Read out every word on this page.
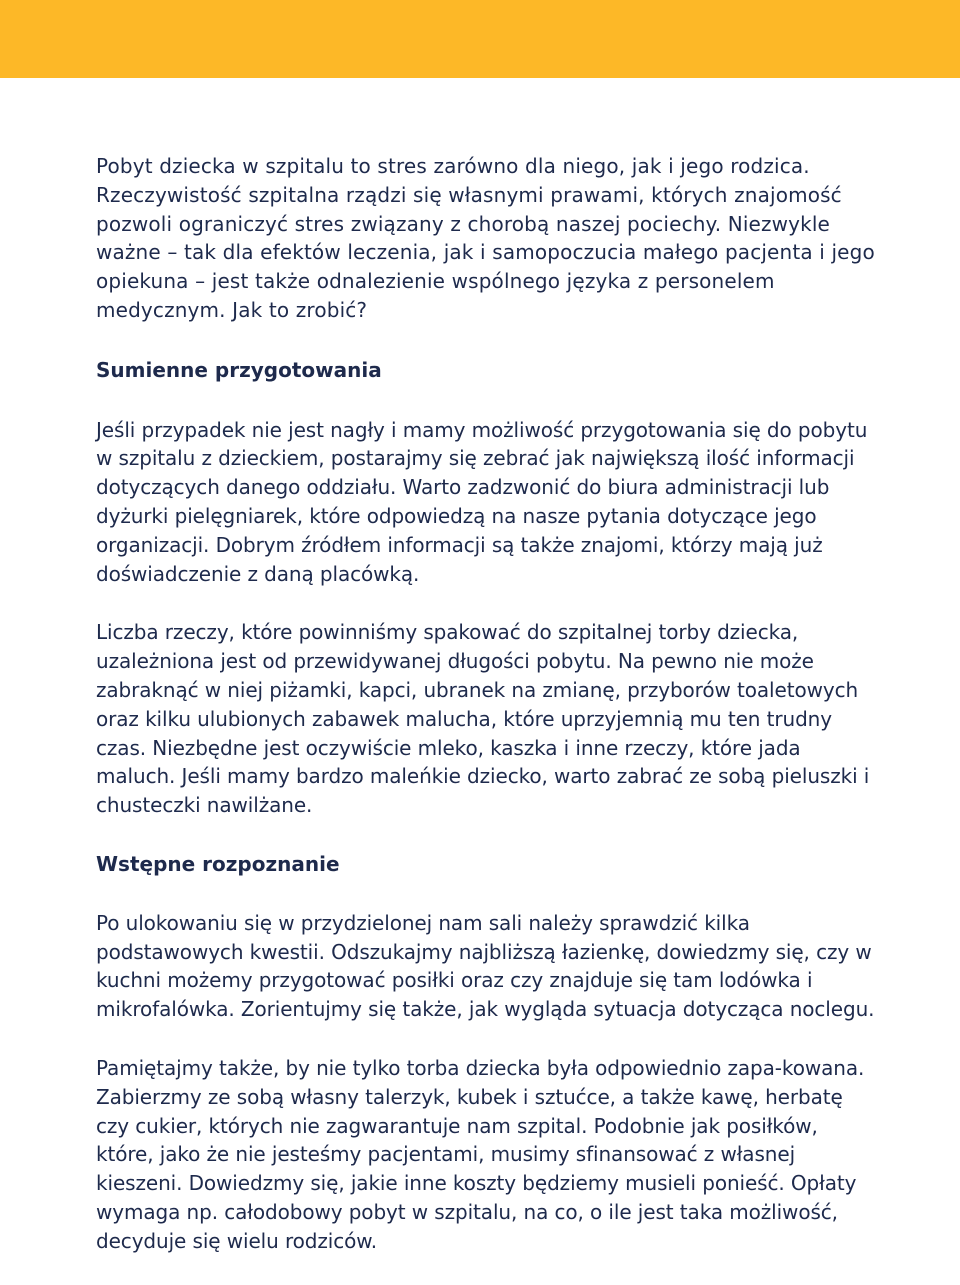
Pobyt dziecka w szpitalu to stres zarówno dla niego, jak i jego rodzica. Rzeczywistość szpitalna rządzi się własnymi prawami, których znajomość pozwoli ograniczyć stres związany z chorobą naszej pociechy. Niezwykle ważne – tak dla efektów leczenia, jak i samopoczucia małego pacjenta i jego opiekuna – jest także odnalezienie wspólnego języka z personelem medycznym. Jak to zrobić?

Sumienne przygotowania

Jeśli przypadek nie jest nagły i mamy możliwość przygotowania się do pobytu w szpitalu z dzieckiem, postarajmy się zebrać jak największą ilość informacji dotyczących danego oddziału. Warto zadzwonić do biura administracji lub dyżurki pielęgniarek, które odpowiedzą na nasze pytania dotyczące jego organizacji. Dobrym źródłem informacji są także znajomi, którzy mają już doświadczenie z daną placówką.

Liczba rzeczy, które powinniśmy spakować do szpitalnej torby dziecka, uzależniona jest od przewidywanej długości pobytu. Na pewno nie może zabraknąć w niej piżamki, kapci, ubranek na zmianę, przyborów toaletowych oraz kilku ulubionych zabawek malucha, które uprzyjemnią mu ten trudny czas. Niezbędne jest oczywiście mleko, kaszka i inne rzeczy, które jada maluch. Jeśli mamy bardzo maleńkie dziecko, warto zabrać ze sobą pieluszki i chusteczki nawilżane.

Wstępne rozpoznanie

Po ulokowaniu się w przydzielonej nam sali należy sprawdzić kilka podstawowych kwestii. Odszukajmy najbliższą łazienkę, dowiedzmy się, czy w kuchni możemy przygotować posiłki oraz czy znajduje się tam lodówka i mikrofalówka. Zorientujmy się także, jak wygląda sytuacja dotycząca noclegu.

Pamiętajmy także, by nie tylko torba dziecka była odpowiednio zapa-kowana. Zabierzmy ze sobą własny talerzyk, kubek i sztućce, a także kawę, herbatę czy cukier, których nie zagwarantuje nam szpital. Podobnie jak posiłków, które, jako że nie jesteśmy pacjentami, musimy sfinansować z własnej kieszeni. Dowiedzmy się, jakie inne koszty będziemy musieli ponieść. Opłaty wymaga np. całodobowy pobyt w szpitalu, na co, o ile jest taka możliwość, decyduje się wielu rodziców.
